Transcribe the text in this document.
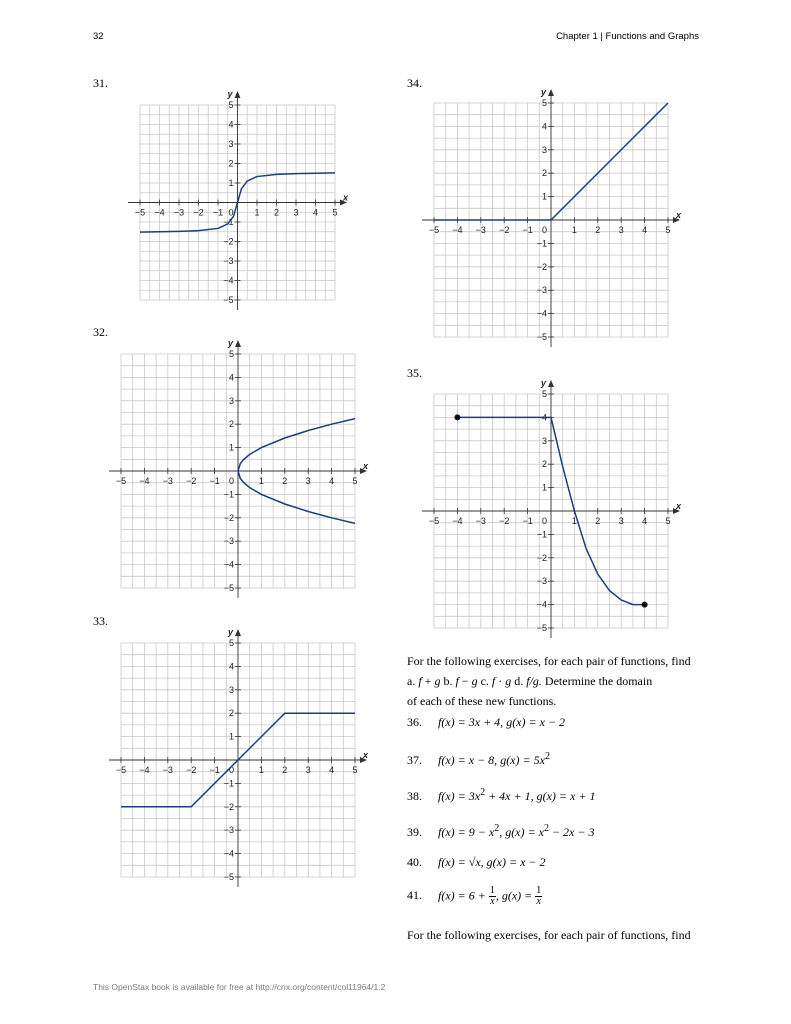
32	Chapter 1 | Functions and Graphs
31.
32.
33.
34.
35.
−5 −4 −3 −2 −1	1 2 3 4 5
−5
−4
−3
−2
−1
1
2
3
4
5
0
x
y
−5 −4 −3 −2 −1	1 2 3 4 5
−5
−4
−3
−2
−1
1
2
3
4
5
0
x
y
−5 −4 −3 −2 −1	1 2 3 4 5
−5
−4
−3
−2
−1
1
2
3
4
5
0
x
y
−5 −4 −3 −2 −1	1 2 3 4 5
−5
−4
−3
−2
−1
1
2
3
4
5
0
x
y
−5 −4 −3 −2 −1	1 2 3 4 5
−5
−4
−3
−2
−1
1
2
3
4
5
0
x
y
For the following exercises, for each pair of functions, find
a. f + g b. f − g c. f · g d. f/g. Determine the domain
of each of these new functions.
36. f(x) = 3x + 4, g(x) = x − 2
37. f(x) = x − 8, $g(x) = 5x^2$
38. $f(x) = 3x^2 + 4x + 1$, g(x) = x + 1
39. $f(x) = 9 - x^2$, $g(x) = x^2 - 2x - 3$
40. f(x) = √x, g(x) = x − 2
41. $f(x) = 6 + \frac{1}{x}$ , $g(x) = \frac{1}{x}$
For the following exercises, for each pair of functions, find
This OpenStax book is available for free at http://cnx.org/content/col11964/1.2
